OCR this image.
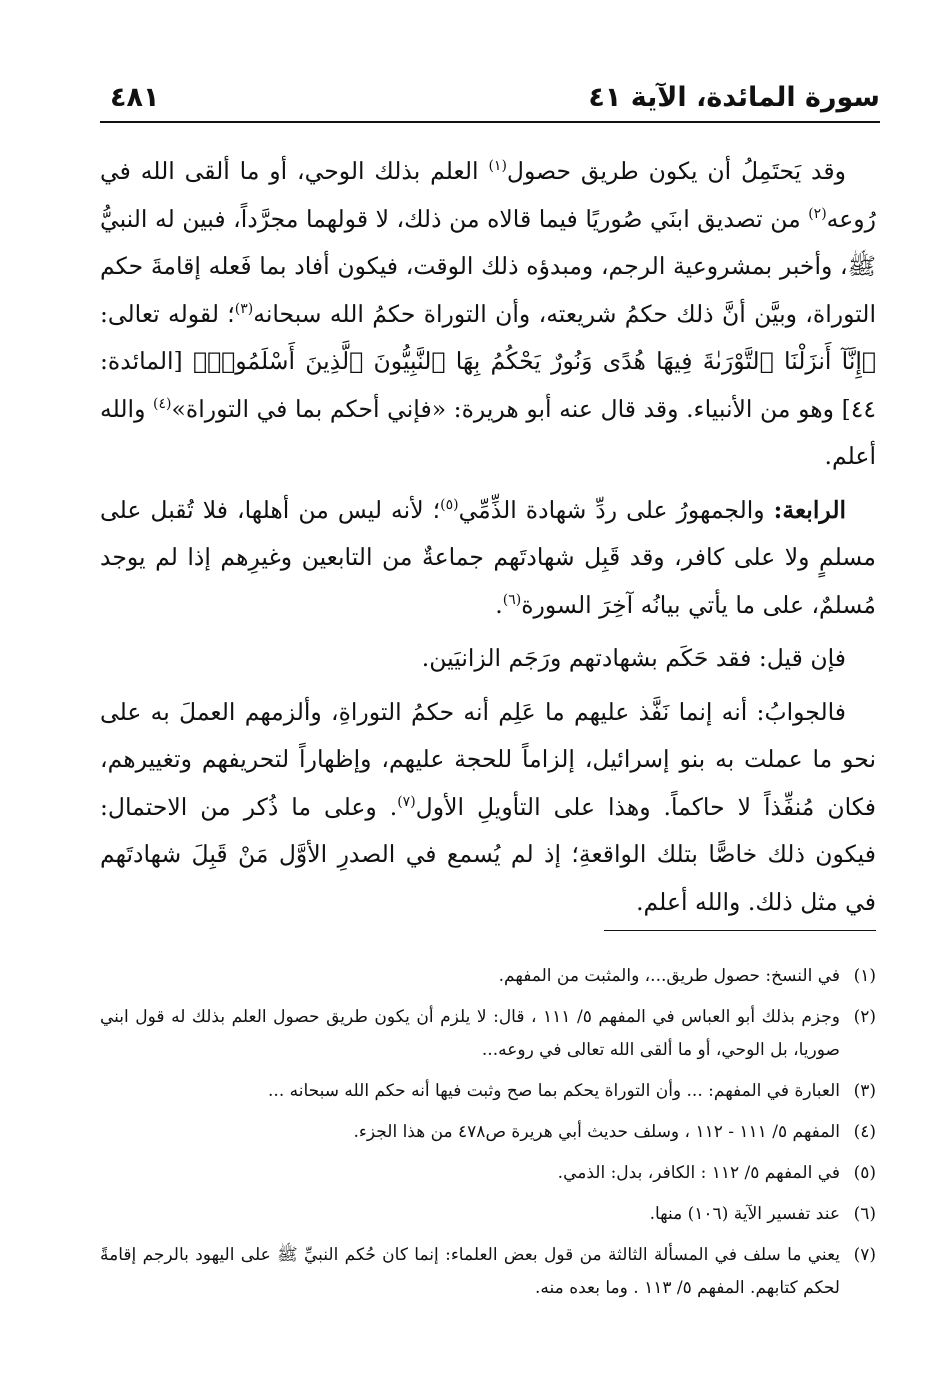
سورة المائدة، الآية ٤١
٤٨١

وقد يَحتَمِلُ أن يكون طريق حصول$^{(١)}$ العلم بذلك الوحي، أو ما ألقى الله في رُوعه$^{(٢)}$ من تصديق ابنَي صُوريًا فيما قالاه من ذلك، لا قولهما مجرَّداً، فبين له النبيُّ ﷺ، وأخبر بمشروعية الرجم، ومبدؤه ذلك الوقت، فيكون أفاد بما فَعله إقامةَ حكم التوراة، وبيَّن أنَّ ذلك حكمُ شريعته، وأن التوراة حكمُ الله سبحانه$^{(٣)}$؛ لقوله تعالى: ﴿إِنَّآ أَنزَلْنَا ٱلتَّوْرَىٰةَ فِيهَا هُدًى وَنُورٌ يَحْكُمُ بِهَا ٱلنَّبِيُّونَ ٱلَّذِينَ أَسْلَمُوا۟﴾ [المائدة: ٤٤] وهو من الأنبياء. وقد قال عنه أبو هريرة: «فإني أحكم بما في التوراة»$^{(٤)}$ والله أعلم.

الرابعة: والجمهورُ على ردِّ شهادة الذِّمِّي$^{(٥)}$؛ لأنه ليس من أهلها، فلا تُقبل على مسلمٍ ولا على كافر، وقد قَبِل شهادتَهم جماعةٌ من التابعين وغيرِهم إذا لم يوجد مُسلمٌ، على ما يأتي بيانُه آخِرَ السورة$^{(٦)}$.

فإن قيل: فقد حَكَم بشهادتهم ورَجَم الزانيَين.

فالجوابُ: أنه إنما نَفَّذ عليهم ما عَلِم أنه حكمُ التوراةِ، وألزمهم العملَ به على نحو ما عملت به بنو إسرائيل، إلزاماً للحجة عليهم، وإظهاراً لتحريفهم وتغييرهم، فكان مُنفِّذاً لا حاكماً. وهذا على التأويلِ الأول$^{(٧)}$. وعلى ما ذُكر من الاحتمال: فيكون ذلك خاصًّا بتلك الواقعةِ؛ إذ لم يُسمع في الصدرِ الأوَّل مَنْ قَبِلَ شهادتَهم في مثل ذلك. والله أعلم.

(١)
في النسخ: حصول طريق...، والمثبت من المفهم.

(٢)
وجزم بذلك أبو العباس في المفهم ٥/ ١١١ ، قال: لا يلزم أن يكون طريق حصول العلم بذلك له قول ابني صوريا، بل الوحي، أو ما ألقى الله تعالى في روعه...

(٣)
العبارة في المفهم: ... وأن التوراة يحكم بما صح وثبت فيها أنه حكم الله سبحانه ...

(٤)
المفهم ٥/ ١١١ - ١١٢ ، وسلف حديث أبي هريرة ص٤٧٨ من هذا الجزء.

(٥)
في المفهم ٥/ ١١٢ : الكافر، بدل: الذمي.

(٦)
عند تفسير الآية (١٠٦) منها.

(٧)
يعني ما سلف في المسألة الثالثة من قول بعض العلماء: إنما كان حُكم النبيِّ ﷺ على اليهود بالرجم إقامةً لحكم كتابهم. المفهم ٥/ ١١٣ . وما بعده منه.
